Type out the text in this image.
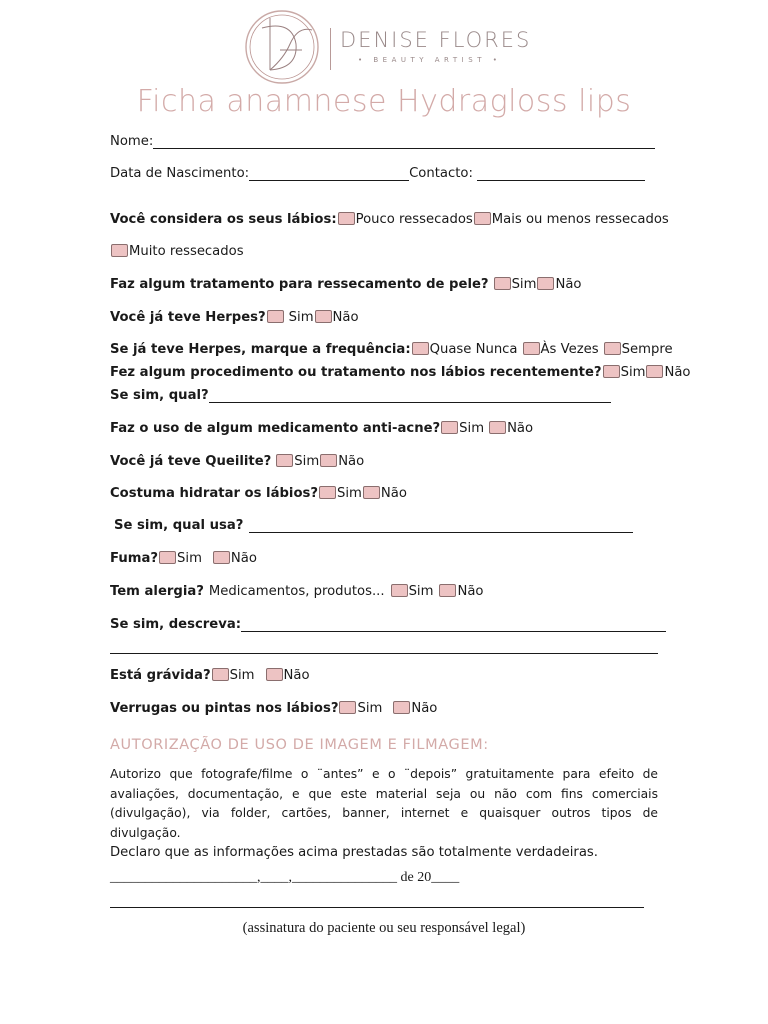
DENISE FLORES
• BEAUTY ARTIST •
Ficha anamnese Hydragloss lips
Nome:
Data de Nascimento:	Contacto:
Você considera os seus lábios: Pouco ressecados Mais ou menos ressecados
Muito ressecados
Faz algum tratamento para ressecamento de pele? Sim Não
Você já teve Herpes? Sim Não
Se já teve Herpes, marque a frequência: Quase Nunca Às Vezes Sempre
Fez algum procedimento ou tratamento nos lábios recentemente? Sim Não
Se sim, qual?
Faz o uso de algum medicamento anti-acne? Sim Não
Você já teve Queilite? Sim Não
Costuma hidratar os lábios? Sim Não
Se sim, qual usa?
Fuma? Sim Não
Tem alergia? Medicamentos, produtos... Sim Não
Se sim, descreva:
Está grávida? Sim Não
Verrugas ou pintas nos lábios? Sim Não
AUTORIZAÇÃO DE USO DE IMAGEM E FILMAGEM:
Autorizo que fotografe/filme o ¨antes” e o ¨depois” gratuitamente para efeito de avaliações, documentação, e que este material seja ou não com fins comerciais (divulgação), via folder, cartões, banner, internet e quaisquer outros tipos de divulgação.
Declaro que as informações acima prestadas são totalmente verdadeiras.
_____________________,____,_______________ de 20____
(assinatura do paciente ou seu responsável legal)
